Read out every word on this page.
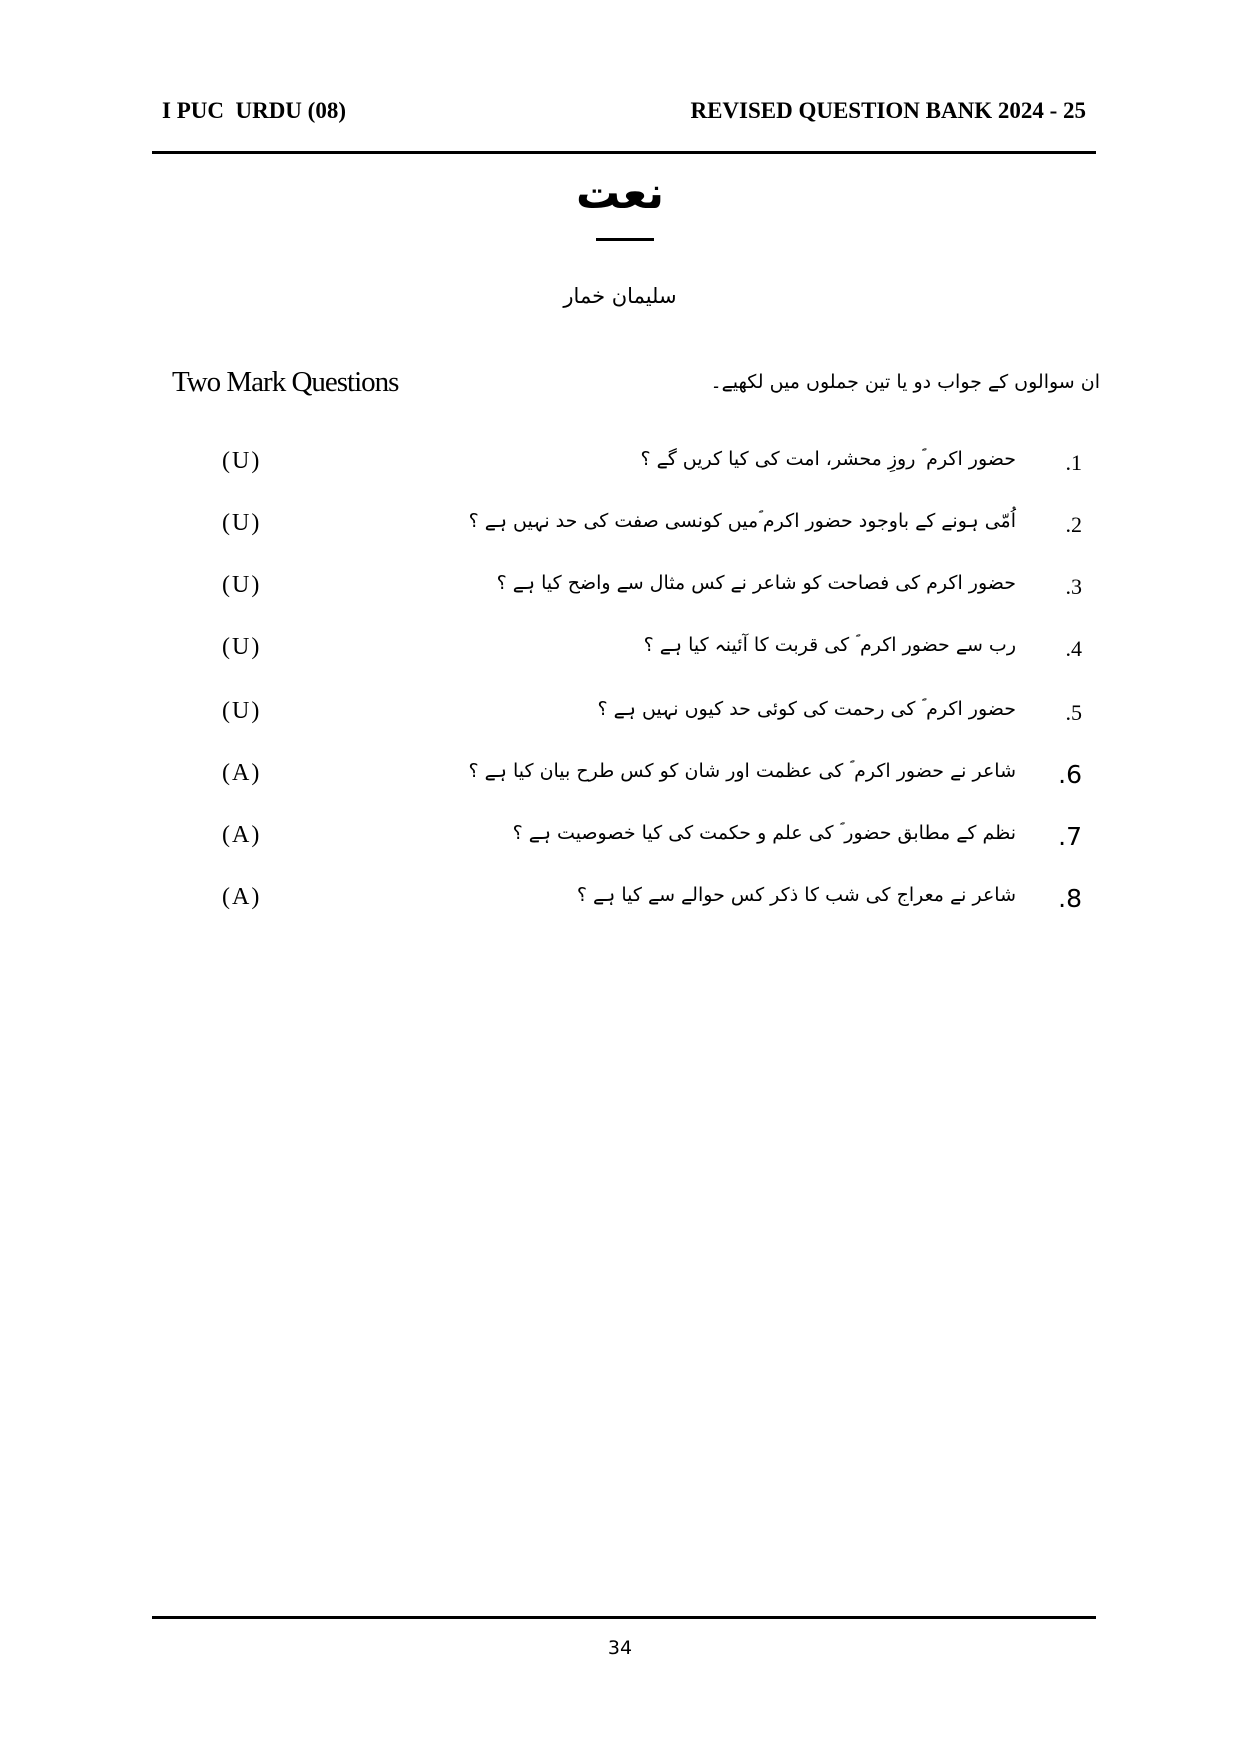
I PUC  URDU (08)	REVISED QUESTION BANK 2024 - 25
نعت
سلیمان خمار
Two Mark Questions	ان سوالوں کے جواب دو یا تین جملوں میں لکھیے۔
(U)	حضور اکرم ؐ روزِ محشر، امت کی کیا کریں گے ؟ .1
(U)	اُمّی ہونے کے باوجود حضور اکرم ؐمیں کونسی صفت کی حد نہیں ہے ؟ .2
(U)	حضور اکرم کی فصاحت کو شاعر نے کس مثال سے واضح کیا ہے ؟ .3
(U)	رب سے حضور اکرم ؐ کی قربت کا آئینہ کیا ہے ؟ .4
(U)	حضور اکرم ؐ کی رحمت کی کوئی حد کیوں نہیں ہے ؟ .5
(A)	شاعر نے حضور اکرم ؐ کی عظمت اور شان کو کس طرح بیان کیا ہے ؟ .6
(A)	نظم کے مطابق حضور ؐ کی علم و حکمت کی کیا خصوصیت ہے ؟ .7
(A)	شاعر نے معراج کی شب کا ذکر کس حوالے سے کیا ہے ؟ .8
34
